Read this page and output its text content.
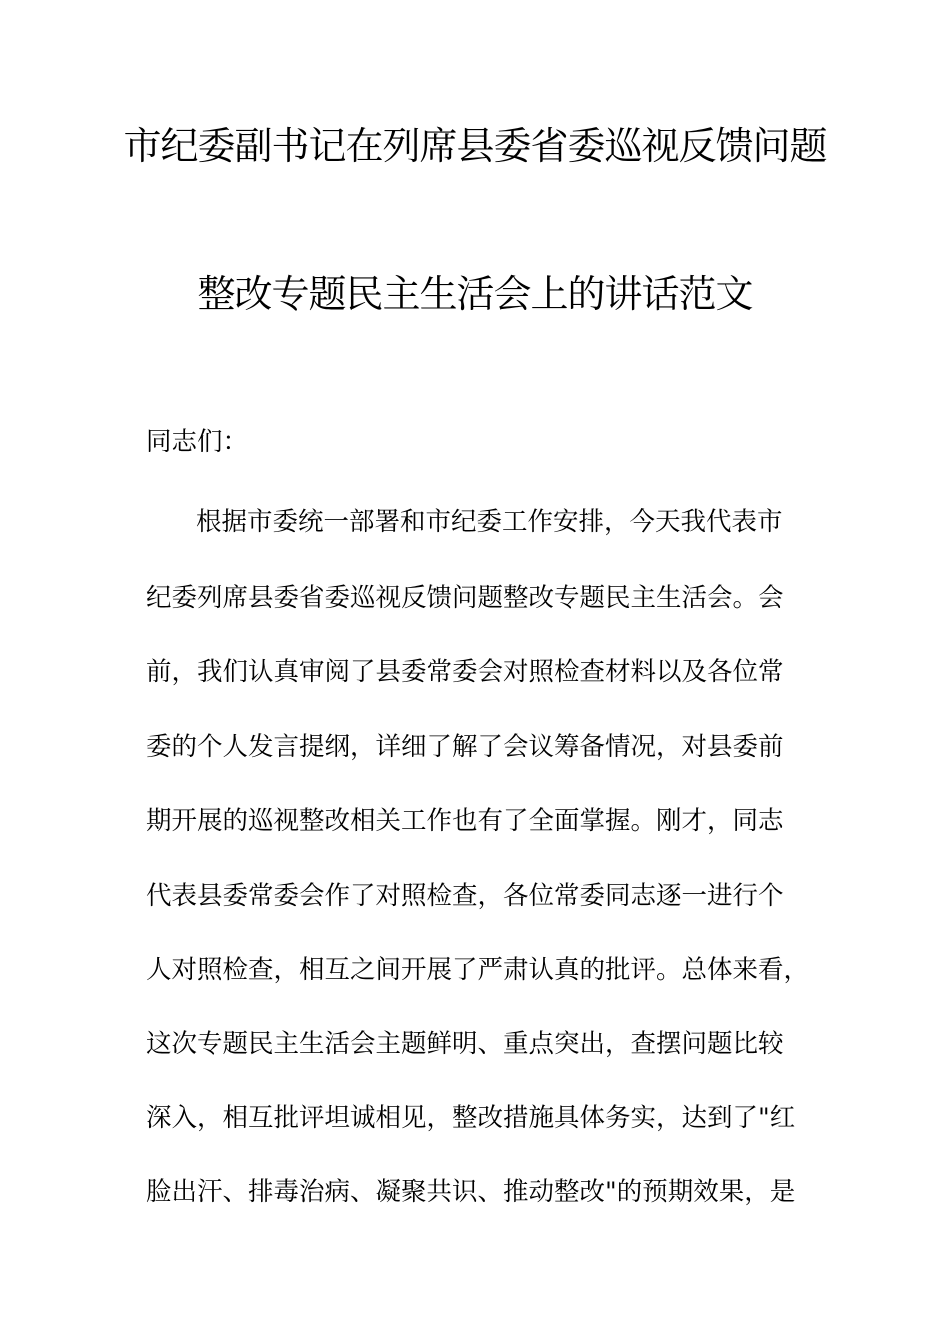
市纪委副书记在列席县委省委巡视反馈问题
整改专题民主生活会上的讲话范文
同志们：
根据市委统一部署和市纪委工作安排，今天我代表市
纪委列席县委省委巡视反馈问题整改专题民主生活会。会
前，我们认真审阅了县委常委会对照检查材料以及各位常
委的个人发言提纲，详细了解了会议筹备情况，对县委前
期开展的巡视整改相关工作也有了全面掌握。刚才，同志
代表县委常委会作了对照检查，各位常委同志逐一进行个
人对照检查，相互之间开展了严肃认真的批评。总体来看，
这次专题民主生活会主题鲜明、重点突出，查摆问题比较
深入，相互批评坦诚相见，整改措施具体务实，达到了"红
脸出汗、排毒治病、凝聚共识、推动整改"的预期效果，是
